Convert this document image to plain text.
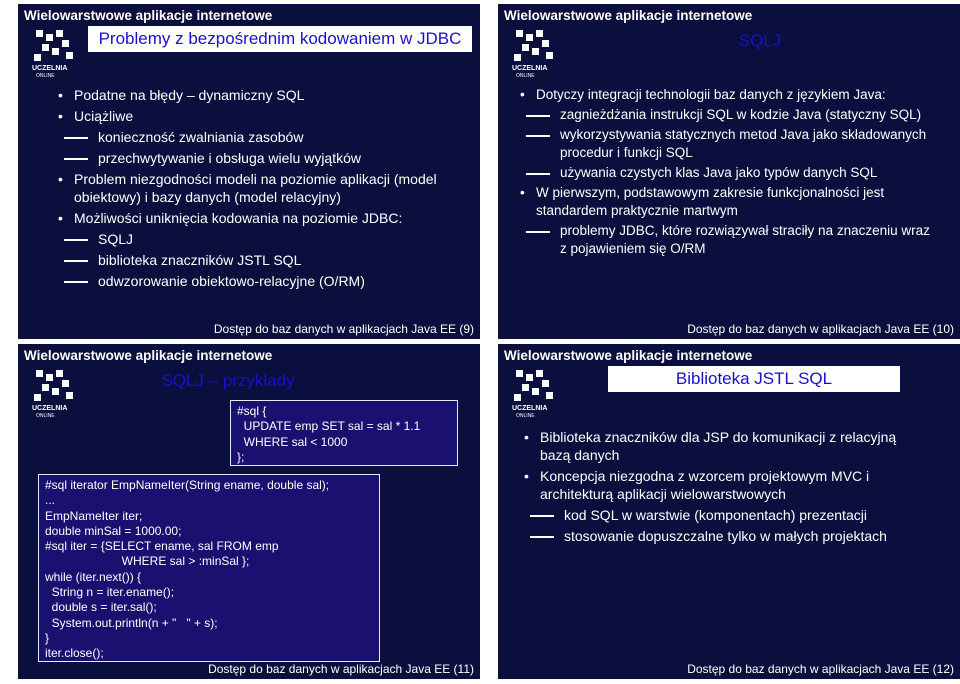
Wielowarstwowe aplikacje internetowe
UCZELNIA
ONLINE
Problemy z bezpośrednim kodowaniem w JDBC
• Podatne na błędy – dynamiczny SQL
• Uciążliwe
konieczność zwalniania zasobów
przechwytywanie i obsługa wielu wyjątków
• Problem niezgodności modeli na poziomie aplikacji (model obiektowy) i bazy danych (model relacyjny)
• Możliwości uniknięcia kodowania na poziomie JDBC:
SQLJ
biblioteka znaczników JSTL SQL
odwzorowanie obiektowo-relacyjne (O/RM)
Dostęp do baz danych w aplikacjach Java EE (9)
Wielowarstwowe aplikacje internetowe
UCZELNIA
ONLINE
SQLJ
• Dotyczy integracji technologii baz danych z językiem Java:
zagnieżdżania instrukcji SQL w kodzie Java (statyczny SQL)
wykorzystywania statycznych metod Java jako składowanych procedur i funkcji SQL
używania czystych klas Java jako typów danych SQL
• W pierwszym, podstawowym zakresie funkcjonalności jest standardem praktycznie martwym
problemy JDBC, które rozwiązywał straciły na znaczeniu wraz z pojawieniem się O/RM
Dostęp do baz danych w aplikacjach Java EE (10)
Wielowarstwowe aplikacje internetowe
UCZELNIA
ONLINE
SQLJ – przykłady
#sql {
UPDATE emp SET sal = sal * 1.1
WHERE sal < 1000
};
#sql iterator EmpNameIter(String ename, double sal);
...
EmpNameIter iter;
double minSal = 1000.00;
#sql iter = {SELECT ename, sal FROM emp
WHERE sal > :minSal };
while (iter.next()) {
String n = iter.ename();
double s = iter.sal();
System.out.println(n + "   " + s);
}
iter.close();
Dostęp do baz danych w aplikacjach Java EE (11)
Wielowarstwowe aplikacje internetowe
UCZELNIA
ONLINE
Biblioteka JSTL SQL
• Biblioteka znaczników dla JSP do komunikacji z relacyjną bazą danych
• Koncepcja niezgodna z wzorcem projektowym MVC i architekturą aplikacji wielowarstwowych
kod SQL w warstwie (komponentach) prezentacji
stosowanie dopuszczalne tylko w małych projektach
Dostęp do baz danych w aplikacjach Java EE (12)
